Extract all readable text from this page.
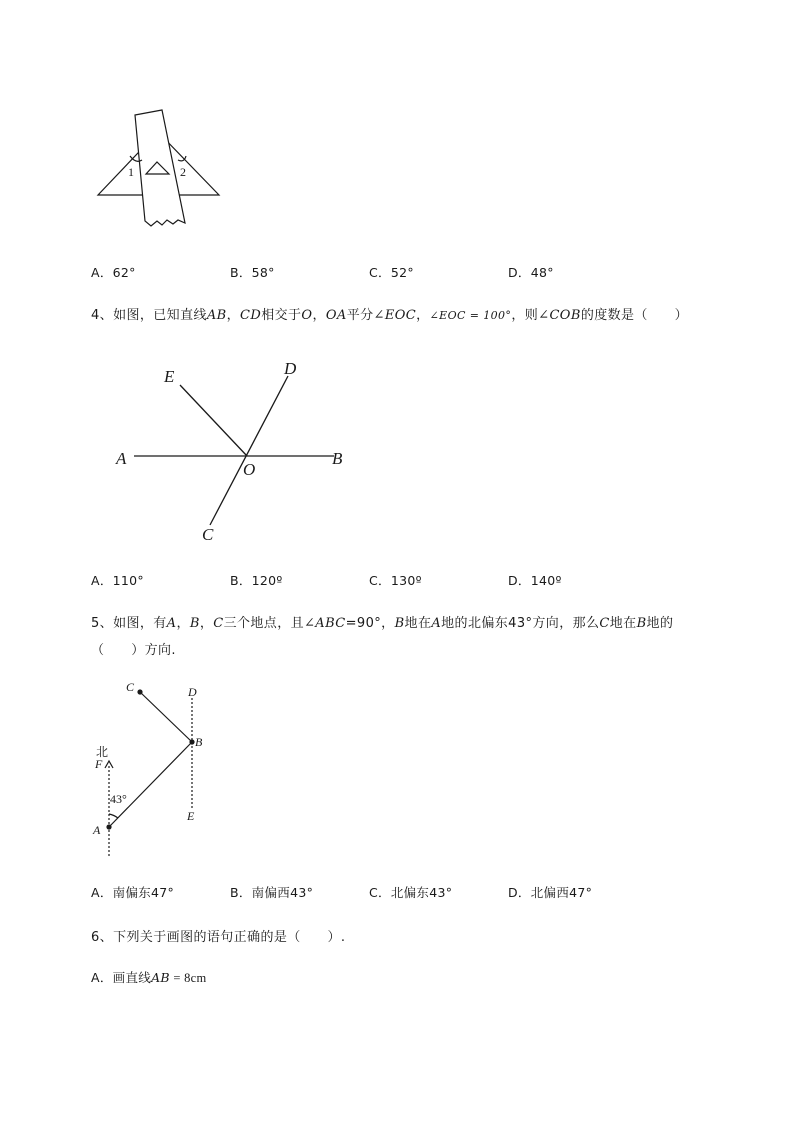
1	2
A．62°	B．58°	C．52°	D．48°
4、如图，已知直线AB，CD相交于O，OA平分∠EOC，∠EOC = 100°，则∠COB的度数是（　　）
E	D
A
O
B
C
A．110°	B．120º	C．130º	D．140º
5、如图，有A，B，C三个地点，且∠ABC=90°，B地在A地的北偏东43°方向，那么C地在B地的
（　　）方向.
C	D
B
北
F
43°
A
E
A．南偏东47°	B．南偏西43°	C．北偏东43°	D．北偏西47°
6、下列关于画图的语句正确的是（　　）.
A．画直线AB = 8cm
